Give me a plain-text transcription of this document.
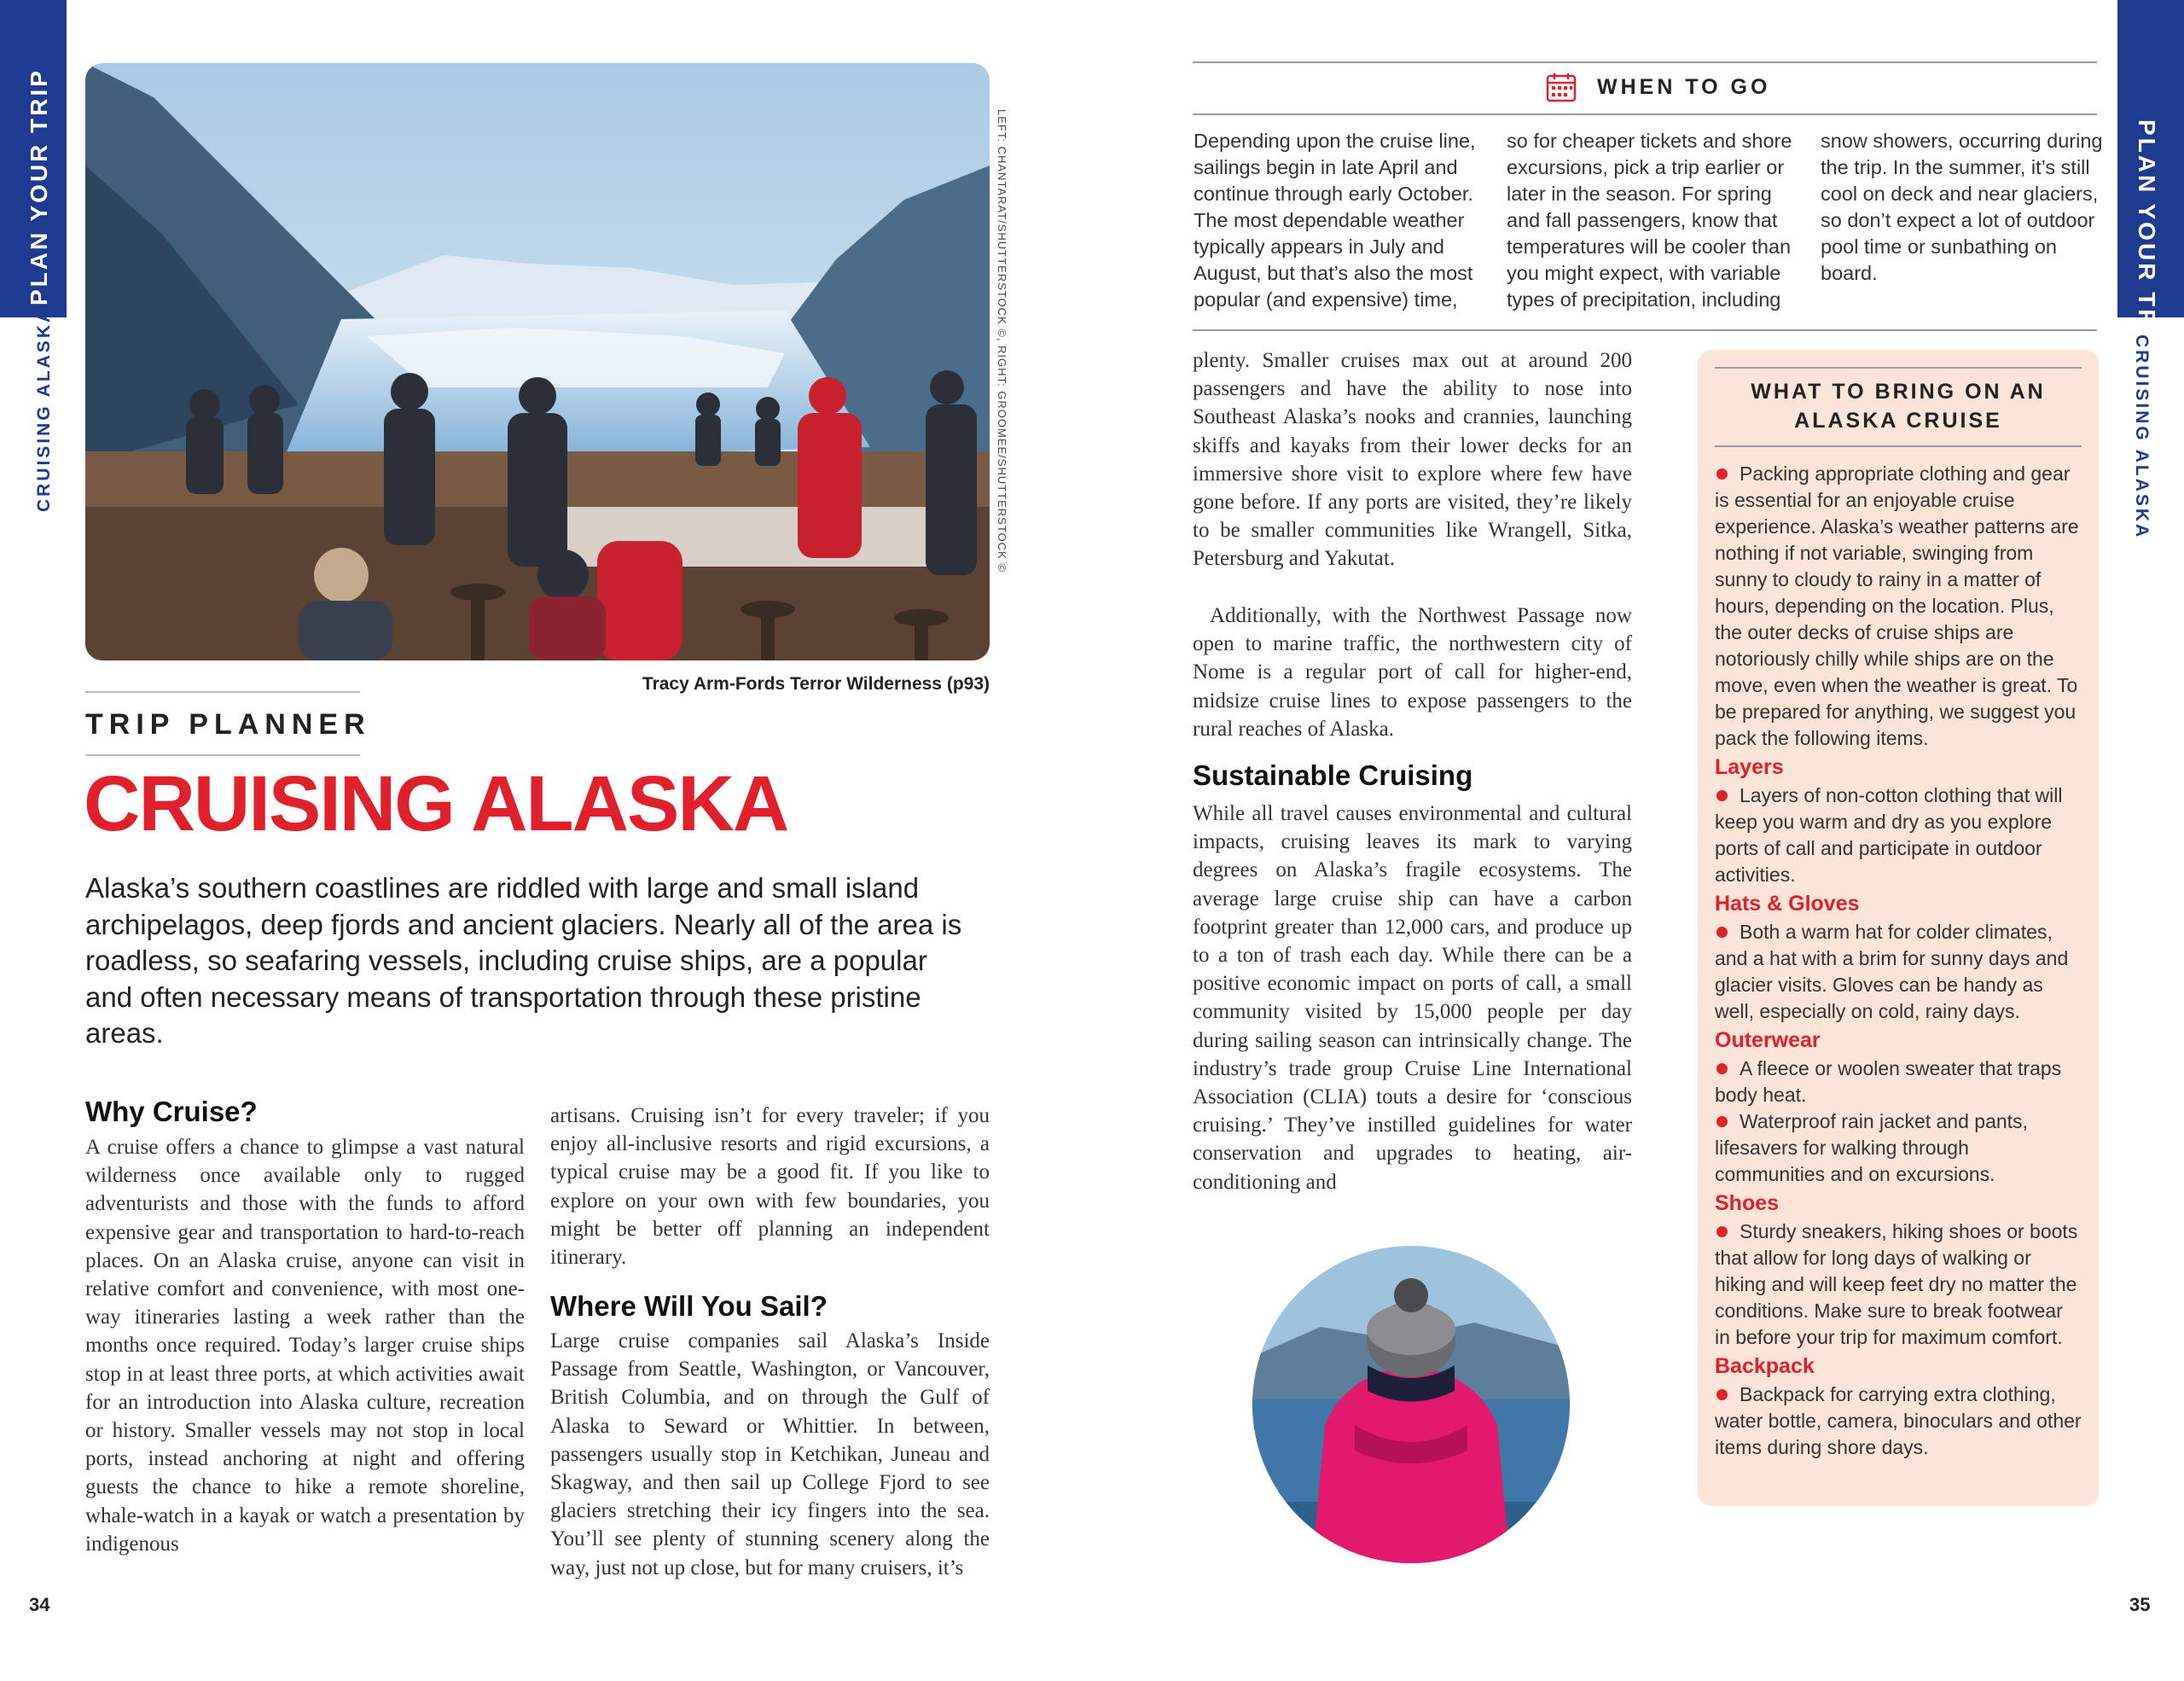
PLAN YOUR TRIP
CRUISING ALASKA
PLAN YOUR TRIP
CRUISING ALASKA
34	35
LEFT: CHANTARAT/SHUTTERSTOCK ©, RIGHT: GROOMEE/SHUTTERSTOCK ©
Tracy Arm-Fords Terror Wilderness (p93)
TRIP PLANNER
CRUISING ALASKA
Alaska’s southern coastlines are riddled with large and small island archipelagos, deep fjords and ancient glaciers. Nearly all of the area is roadless, so seafaring vessels, including cruise ships, are a popular and often necessary means of transportation through these pristine areas.
Why Cruise?
A cruise offers a chance to glimpse a vast natural wilderness once available only to rugged adventurists and those with the funds to afford expensive gear and transportation to hard-to-reach places. On an Alaska cruise, anyone can visit in relative comfort and convenience, with most one-way itineraries lasting a week rather than the months once required. Today’s larger cruise ships stop in at least three ports, at which activities await for an introduction into Alaska culture, recreation or history. Smaller vessels may not stop in local ports, instead anchoring at night and offering guests the chance to hike a remote shoreline, whale-watch in a kayak or watch a presentation by indigenous
artisans. Cruising isn’t for every traveler; if you enjoy all-inclusive resorts and rigid excursions, a typical cruise may be a good fit. If you like to explore on your own with few boundaries, you might be better off planning an independent itinerary.
Where Will You Sail?
Large cruise companies sail Alaska’s Inside Passage from Seattle, Washington, or Vancouver, British Columbia, and on through the Gulf of Alaska to Seward or Whittier. In between, passengers usually stop in Ketchikan, Juneau and Skagway, and then sail up College Fjord to see glaciers stretching their icy fingers into the sea. You’ll see plenty of stunning scenery along the way, just not up close, but for many cruisers, it’s
WHEN TO GO
Depending upon the cruise line, sailings begin in late April and continue through early October. The most dependable weather typically appears in July and August, but that’s also the most popular (and expensive) time,
so for cheaper tickets and shore excursions, pick a trip earlier or later in the season. For spring and fall passengers, know that temperatures will be cooler than you might expect, with variable types of precipitation, including
snow showers, occurring during the trip. In the summer, it’s still cool on deck and near glaciers, so don’t expect a lot of outdoor pool time or sunbathing on board.
plenty. Smaller cruises max out at around 200 passengers and have the ability to nose into Southeast Alaska’s nooks and crannies, launching skiffs and kayaks from their lower decks for an immersive shore visit to explore where few have gone before. If any ports are visited, they’re likely to be smaller communities like Wrangell, Sitka, Petersburg and Yakutat.
Additionally, with the Northwest Passage now open to marine traffic, the northwestern city of Nome is a regular port of call for higher-end, midsize cruise lines to expose passengers to the rural reaches of Alaska.
Sustainable Cruising
While all travel causes environmental and cultural impacts, cruising leaves its mark to varying degrees on Alaska’s fragile ecosystems. The average large cruise ship can have a carbon footprint greater than 12,000 cars, and produce up to a ton of trash each day. While there can be a positive economic impact on ports of call, a small community visited by 15,000 people per day during sailing season can intrinsically change. The industry’s trade group Cruise Line International Association (CLIA) touts a desire for ‘conscious cruising.’ They’ve instilled guidelines for water conservation and upgrades to heating, air-conditioning and
WHAT TO BRING ON AN ALASKA CRUISE
Packing appropriate clothing and gear is essential for an enjoyable cruise experience. Alaska’s weather patterns are nothing if not variable, swinging from sunny to cloudy to rainy in a matter of hours, depending on the location. Plus, the outer decks of cruise ships are notoriously chilly while ships are on the move, even when the weather is great. To be prepared for anything, we suggest you pack the following items.
Layers
Layers of non-cotton clothing that will keep you warm and dry as you explore ports of call and participate in outdoor activities.
Hats & Gloves
Both a warm hat for colder climates, and a hat with a brim for sunny days and glacier visits. Gloves can be handy as well, especially on cold, rainy days.
Outerwear
A fleece or woolen sweater that traps body heat.
Waterproof rain jacket and pants, lifesavers for walking through communities and on excursions.
Shoes
Sturdy sneakers, hiking shoes or boots that allow for long days of walking or hiking and will keep feet dry no matter the conditions. Make sure to break footwear in before your trip for maximum comfort.
Backpack
Backpack for carrying extra clothing, water bottle, camera, binoculars and other items during shore days.
